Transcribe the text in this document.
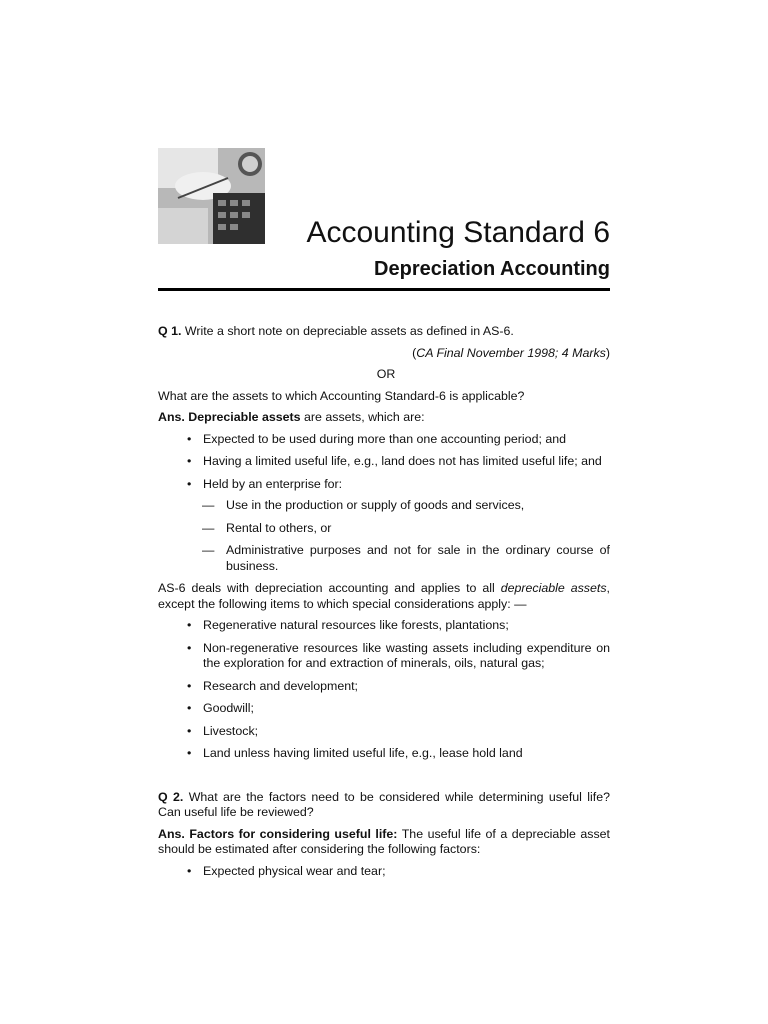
Accounting Standard 6
Depreciation Accounting

Q 1. Write a short note on depreciable assets as defined in AS-6.

(CA Final November 1998; 4 Marks)

OR

What are the assets to which Accounting Standard-6 is applicable?

Ans. Depreciable assets are assets, which are:

• Expected to be used during more than one accounting period; and
• Having a limited useful life, e.g., land does not has limited useful life; and
• Held by an enterprise for:
— Use in the production or supply of goods and services,
— Rental to others, or
— Administrative purposes and not for sale in the ordinary course of business.

AS-6 deals with depreciation accounting and applies to all depreciable assets, except the following items to which special considerations apply: —

• Regenerative natural resources like forests, plantations;
• Non-regenerative resources like wasting assets including expenditure on the exploration for and extraction of minerals, oils, natural gas;
• Research and development;
• Goodwill;
• Livestock;
• Land unless having limited useful life, e.g., lease hold land

Q 2. What are the factors need to be considered while determining useful life? Can useful life be reviewed?

Ans. Factors for considering useful life: The useful life of a depreciable asset should be estimated after considering the following factors:

• Expected physical wear and tear;
